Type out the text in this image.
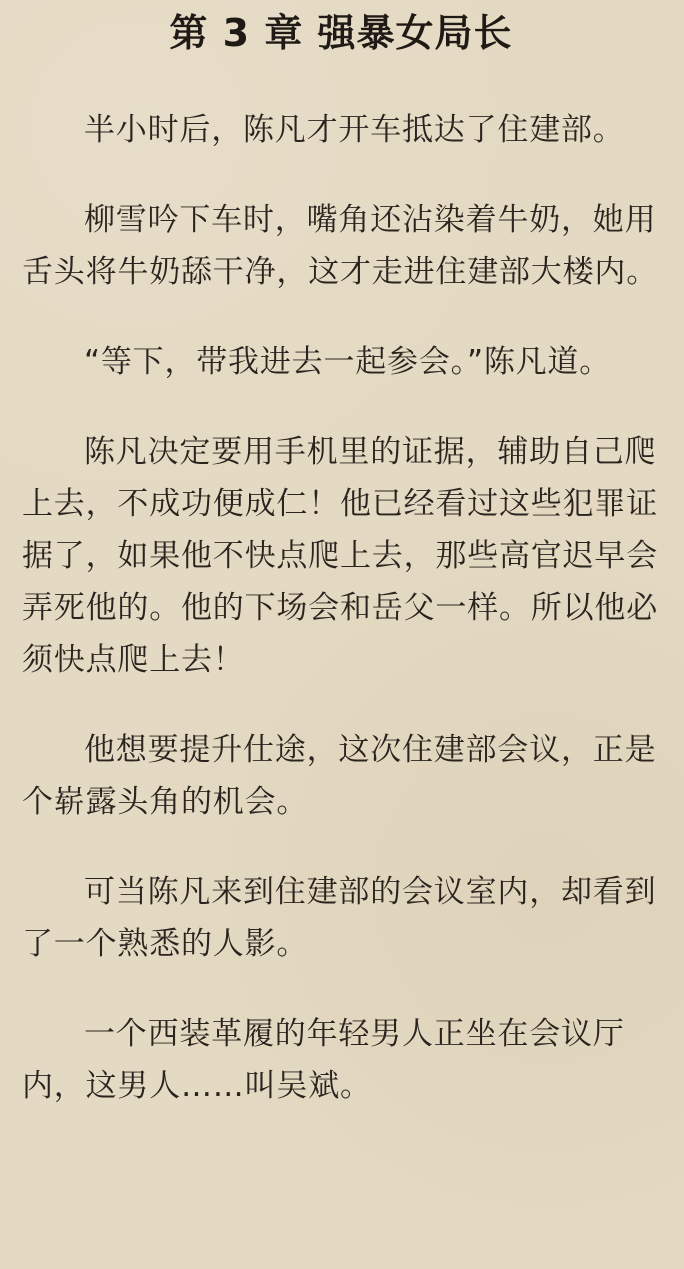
第 3 章 强暴女局长

半小时后，陈凡才开车抵达了住建部。

柳雪吟下车时，嘴角还沾染着牛奶，她用舌头将牛奶舔干净，这才走进住建部大楼内。

“等下，带我进去一起参会。”陈凡道。

陈凡决定要用手机里的证据，辅助自己爬上去，不成功便成仁！他已经看过这些犯罪证据了，如果他不快点爬上去，那些高官迟早会弄死他的。他的下场会和岳父一样。所以他必须快点爬上去！

他想要提升仕途，这次住建部会议，正是个崭露头角的机会。

可当陈凡来到住建部的会议室内，却看到了一个熟悉的人影。

一个西装革履的年轻男人正坐在会议厅内，这男人……叫吴斌。
